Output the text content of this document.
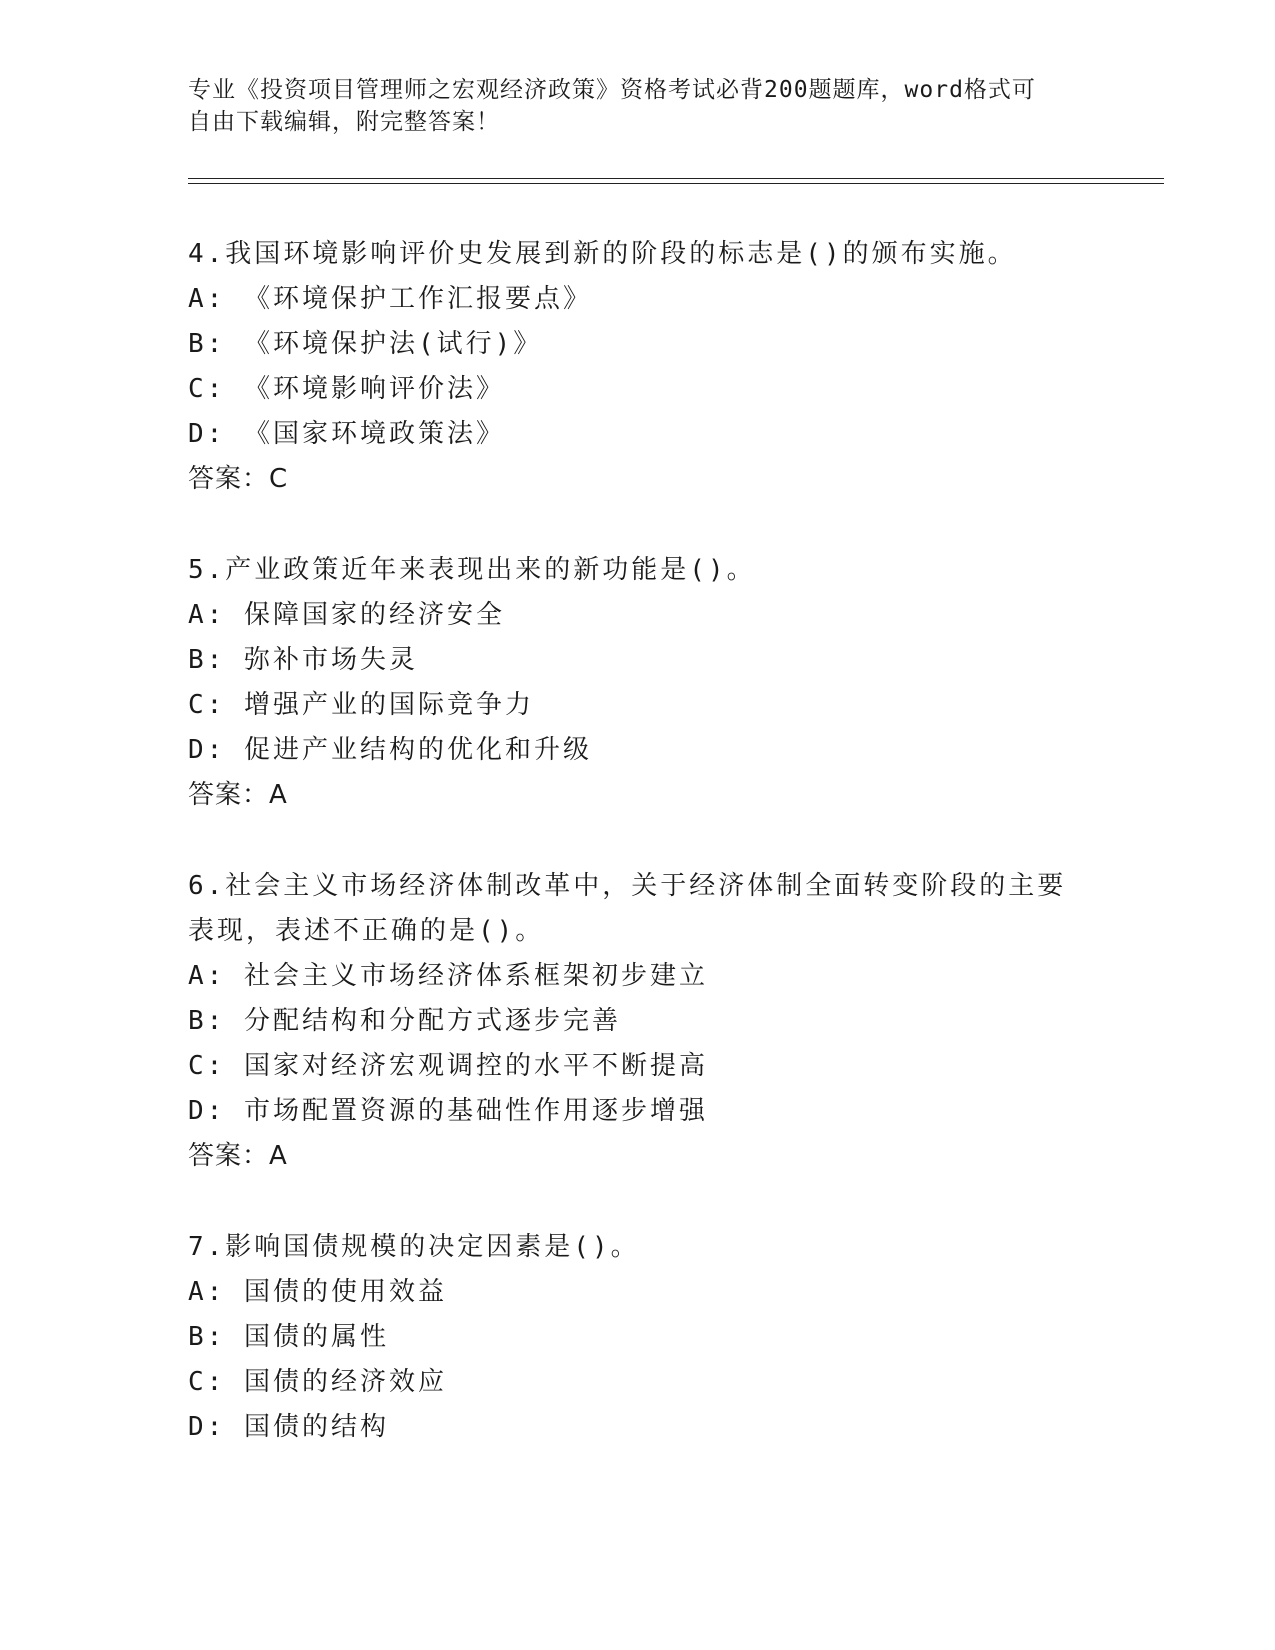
专业《投资项目管理师之宏观经济政策》资格考试必背200题题库，word格式可
自由下载编辑，附完整答案！

4.我国环境影响评价史发展到新的阶段的标志是()的颁布实施。

A: 《环境保护工作汇报要点》

B: 《环境保护法(试行)》

C: 《环境影响评价法》

D: 《国家环境政策法》

答案：C

5.产业政策近年来表现出来的新功能是()。

A: 保障国家的经济安全

B: 弥补市场失灵

C: 增强产业的国际竞争力

D: 促进产业结构的优化和升级

答案：A

6.社会主义市场经济体制改革中，关于经济体制全面转变阶段的主要

表现，表述不正确的是()。

A: 社会主义市场经济体系框架初步建立

B: 分配结构和分配方式逐步完善

C: 国家对经济宏观调控的水平不断提高

D: 市场配置资源的基础性作用逐步增强

答案：A

7.影响国债规模的决定因素是()。

A: 国债的使用效益

B: 国债的属性

C: 国债的经济效应

D: 国债的结构
